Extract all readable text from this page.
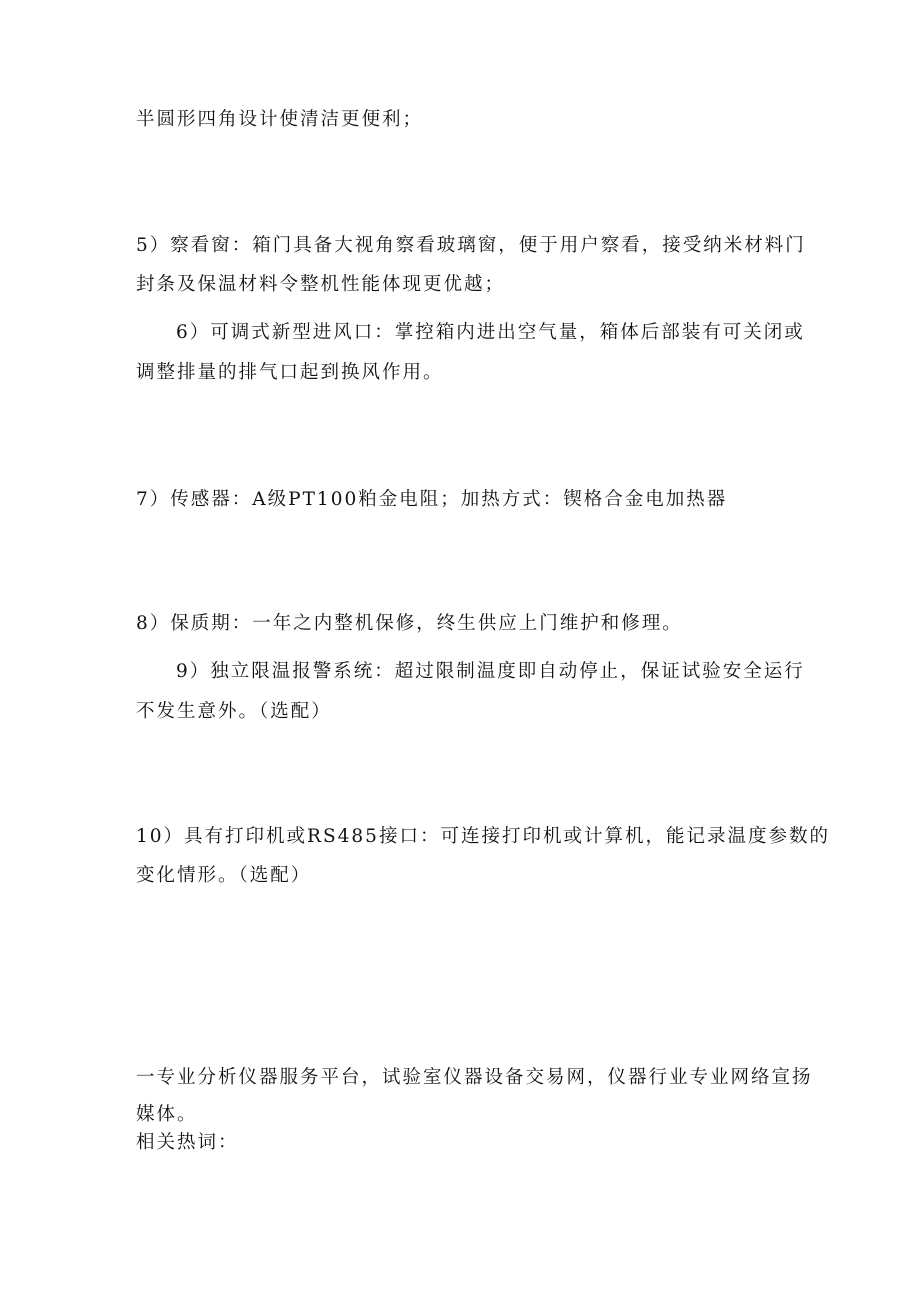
半圆形四角设计使清洁更便利；
5）察看窗：箱门具备大视角察看玻璃窗，便于用户察看，接受纳米材料门
封条及保温材料令整机性能体现更优越；
6）可调式新型进风口：掌控箱内进出空气量，箱体后部装有可关闭或
调整排量的排气口起到换风作用。
7）传感器：A级PT100粕金电阻；加热方式：锲格合金电加热器
8）保质期：一年之内整机保修，终生供应上门维护和修理。
9）独立限温报警系统：超过限制温度即自动停止，保证试验安全运行
不发生意外。（选配）
10）具有打印机或RS485接口：可连接打印机或计算机，能记录温度参数的
变化情形。（选配）
一专业分析仪器服务平台，试验室仪器设备交易网，仪器行业专业网络宣扬
媒体。
相关热词：
